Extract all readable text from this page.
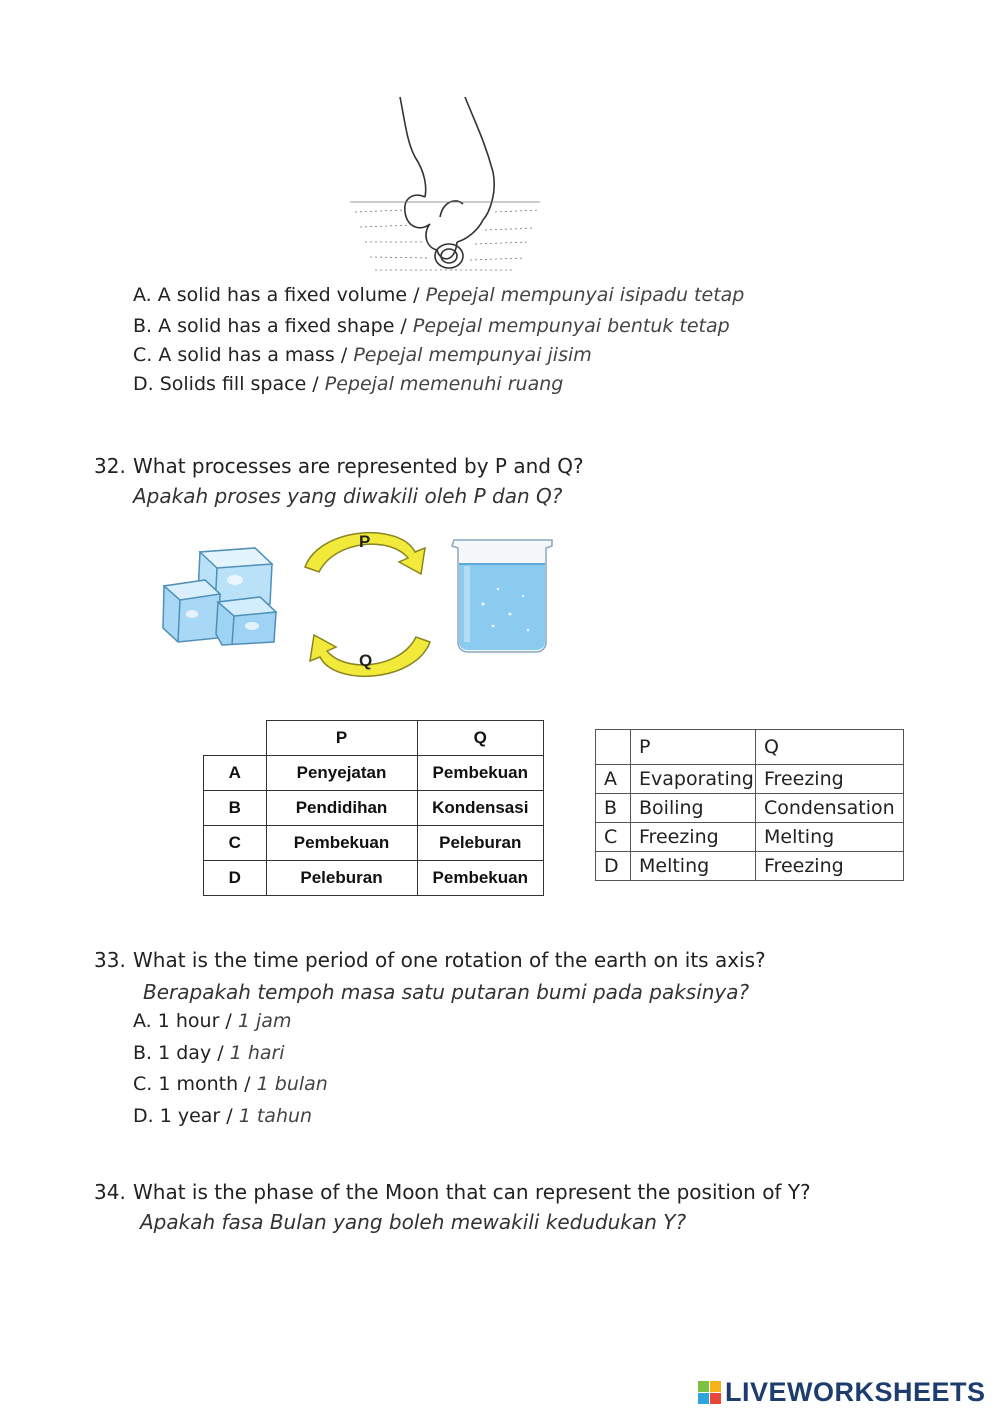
A. A solid has a fixed volume / Pepejal mempunyai isipadu tetap
B. A solid has a fixed shape / Pepejal mempunyai bentuk tetap
C. A solid has a mass / Pepejal mempunyai jisim
D. Solids fill space / Pepejal memenuhi ruang
32. What processes are represented by P and Q?
Apakah proses yang diwakili oleh P dan Q?
P
Q
	P	Q
A	Penyejatan	Pembekuan
B	Pendidihan	Kondensasi
C	Pembekuan	Peleburan
D	Peleburan	Pembekuan
	P	Q
A	Evaporating	Freezing
B	Boiling	Condensation
C	Freezing	Melting
D	Melting	Freezing
33. What is the time period of one rotation of the earth on its axis?
Berapakah tempoh masa satu putaran bumi pada paksinya?
A. 1 hour / 1 jam
B. 1 day / 1 hari
C. 1 month / 1 bulan
D. 1 year / 1 tahun
34. What is the phase of the Moon that can represent the position of Y?
Apakah fasa Bulan yang boleh mewakili kedudukan Y?
LIVEWORKSHEETS
